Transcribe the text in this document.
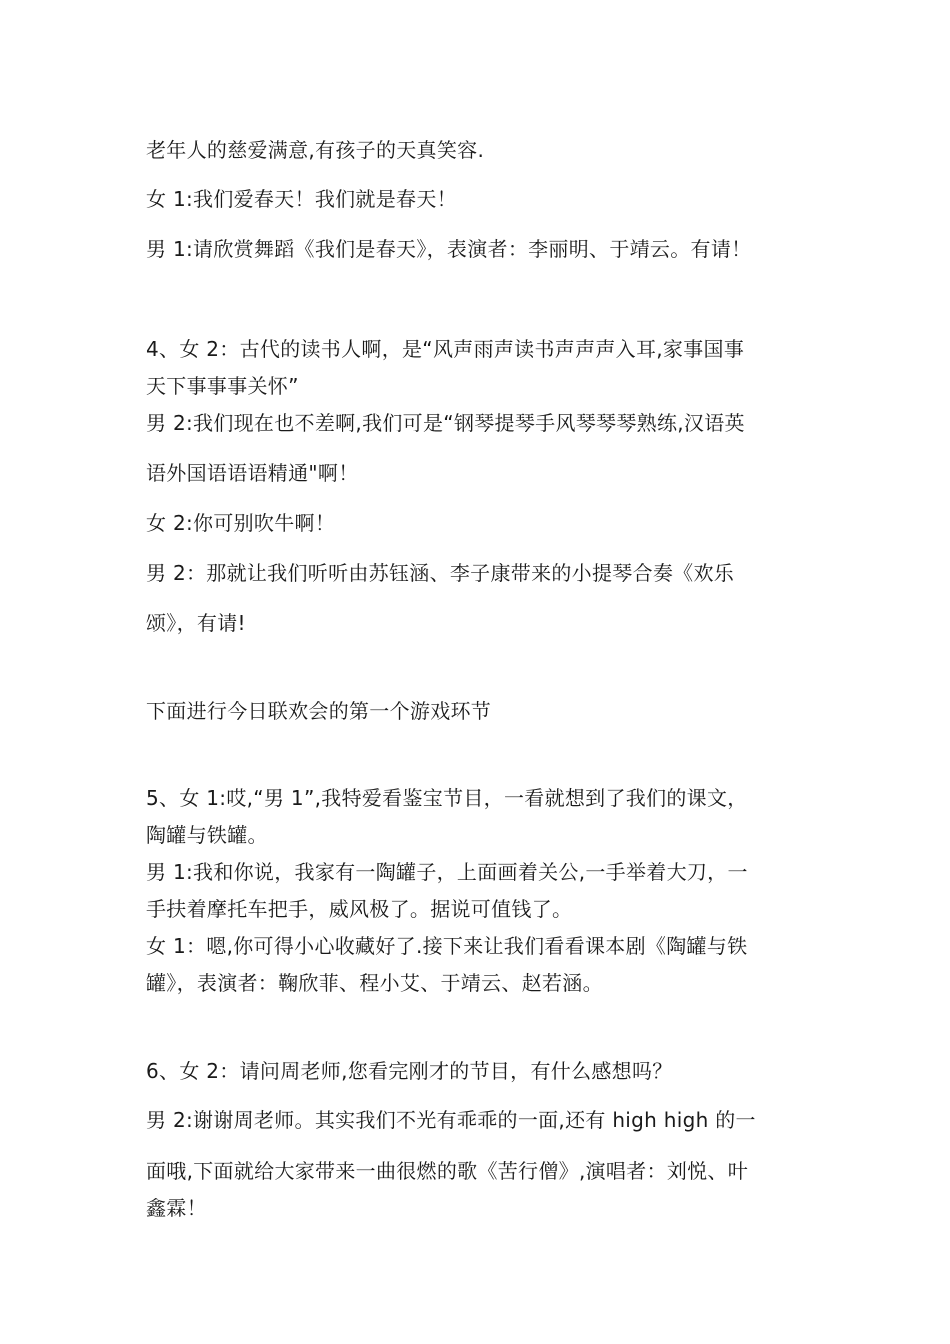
老年人的慈爱满意,有孩子的天真笑容.
女 1:我们爱春天！我们就是春天！
男 1:请欣赏舞蹈《我们是春天》，表演者：李丽明、于靖云。有请！
4、女 2：古代的读书人啊，是“风声雨声读书声声声入耳,家事国事
天下事事事关怀”
男 2:我们现在也不差啊,我们可是“钢琴提琴手风琴琴琴熟练,汉语英
语外国语语语精通"啊！
女 2:你可别吹牛啊！
男 2：那就让我们听听由苏钰涵、李子康带来的小提琴合奏《欢乐
颂》，有请!
下面进行今日联欢会的第一个游戏环节
5、女 1:哎,“男 1”,我特爱看鉴宝节目，一看就想到了我们的课文，
陶罐与铁罐。
男 1:我和你说，我家有一陶罐子，上面画着关公,一手举着大刀，一
手扶着摩托车把手，威风极了。据说可值钱了。
女 1：嗯,你可得小心收藏好了.接下来让我们看看课本剧《陶罐与铁
罐》，表演者：鞠欣菲、程小艾、于靖云、赵若涵。
6、女 2：请问周老师,您看完刚才的节目，有什么感想吗？
男 2:谢谢周老师。其实我们不光有乖乖的一面,还有 high high 的一
面哦,下面就给大家带来一曲很燃的歌《苦行僧》,演唱者：刘悦、叶
鑫霖！
